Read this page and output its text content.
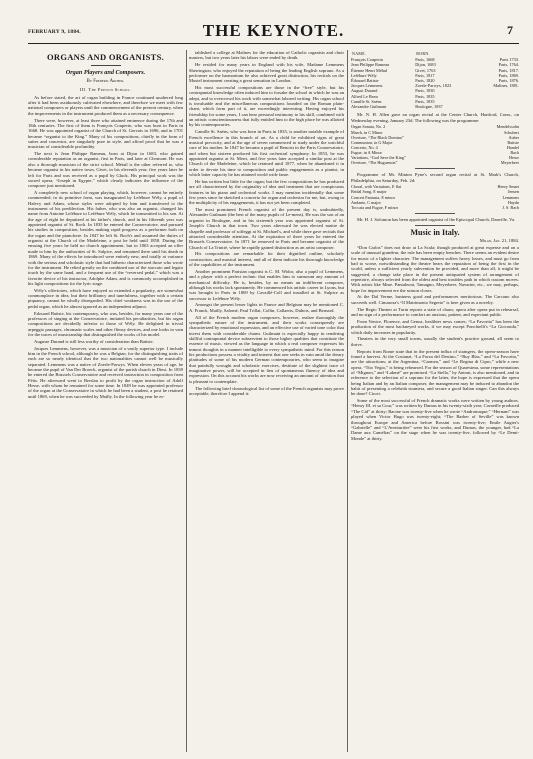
FEBRUARY 9, 1884.	THE KEYNOTE.	7
ORGANS AND ORGANISTS.
Organ Players and Composers.
By Frederic Archer.
III. The French School.

As before stated, the art of organ building in France continued unaltered long after it had been assiduously cultivated elsewhere, and therefore we meet with few national composers or players until the commencement of the present century, when the improvements in the instrument produced them as a necessary consequence.

There were, however, at least three who attained eminence during the 17th and 18th centuries. The first of them is François Couperin, who was born in Paris in 1668. He was appointed organist of the Church of St. Gervais in 1696, and in 1701 became “organist to the King.” Many of his compositions, chiefly in the form of suites and concertos, are singularly pure in style, and afford proof that he was a musician of considerable profundity.

The next is Jean Philippe Rameau, born at Dijon in 1683, who gained considerable reputation as an organist, first in Paris, and later at Clermont. He was also a thorough musician of the strict school. Métail is the other referred to, who became organist in his native town, Givet, in his eleventh year; five years later he left for Paris and was received as a pupil by Gluck. His principal work was the sacred opera, “Joseph in Egypte,” which clearly indicates the influence of the composer just mentioned.

A completely new school of organ playing, which, however, cannot be entirely commended, in its primitive form, was inaugurated by Lefébure Wély, a pupil of Halevy and Adam, whose styles were adopted by him and transferred to the instrument of his predilection. His father, who was also an organist, changed his name from Antoine Lefébure to Lefébure Wély, which he transmitted to his son. At the age of eight he deputized at his father's church, and in his fifteenth year was appointed organist of St. Roch. In 1835 he entered the Conservatoire, and pursued his studies in composition, besides making rapid progress as a performer both on the organ and the pianoforte. In 1847 he left St. Roch's and assumed the duties of organist at the Church of the Madeleine, a post he held until 1858. During the ensuing five years he held no church appointment, but in 1863 accepted an offer made to him by the authorities of St. Sulpice, and remained there until his death in 1869. Many of the effects he introduced were entirely new, and totally at variance with the serious and scholastic style that had hitherto characterized those who wrote for the instrument. He relied greatly on the combined use of the staccato and legato touch by the same hand, and a frequent use of the “reversed pedal,” which was a favorite device of his instructor, Adolphe Adam, and is commonly accomplished in his light compositions for the lyric stage.

Wély's offertoires, which have enjoyed so extended a popularity, are somewhat commonplace in idea, but their brilliancy and tunefulness, together with a certain piquancy, cannot be wholly disregarded. His chief weakness was in the use of the pedal organ, which he almost ignored as an independent adjunct.

Edouard Batiste, his contemporary, who was, besides, for many years one of the professors of singing at the Conservatoire, imitated his peculiarities, but his organ compositions are decidedly inferior to those of Wély. He delighted in trivial arpeggio passages, chromatic scales and other flimsy devices, and one looks in vain for the traces of musicianship that distinguished the works of his model.

Auguste Durand is still less worthy of consideration than Batiste.

Jacques Lemmens, however, was a musician of a vastly superior type. I include him in the French school, although he was a Belgian, for the distinguishing traits of each are so nearly identical that the two nationalities cannot well be musically separated. Lemmens was a native of Zoerle-Parwys. When eleven years of age, he became the pupil of Van Der Broeck, organist of the parish church in Diest. In 1839 he entered the Brussels Conservatoire and received instruction in composition from Fétis. He afterward went to Breslau to profit by the organ instruction of Adolf Hesse, with whom he remained for some time. In 1849 he was appointed professor of the organ at the Conservatoire in which he had been a student, a post he retained until 1869, when he was succeeded by Mailly. In the following year he es-

tablished a college at Malines for the education of Catholic organists and choir masters, but two years later his labors were ended by death.

He resided for many years in England with his wife, Madame Lemmens Sherrington, who enjoyed the reputation of being the leading English soprano. As a performer on the harmonium he also achieved great distinction, his recitals on the Mustel instrument creating a great sensation in London.

His most successful compositions are those in the “free” style, but his contrapuntal knowledge often induced him to forsake the school in which he was an adept, and to overcrowd his work with somewhat labored writing. His organ school is invaluable and the miscellaneous compositions founded on the Roman plain-chant, which form part of it, are exceedingly interesting. Having enjoyed his friendship for some years, I can bear personal testimony to his skill, combined with an artistic conscientiousness that fully entitled him to the high place he was allotted by his contemporaries.

Camille St. Saëns, who was born in Paris in 1835, is another notable example of French excellence in this branch of art. As a child he exhibited signs of great musical precocity, and at the age of seven commenced to study under the watchful care of his mother. In 1847 he became a pupil of Benoist in the Paris Conservatoire, and when but sixteen produced his first orchestral symphony. In 1853, he was appointed organist at St. Merri, and five years later accepted a similar post at the Church of the Madeleine, which he retained until 1877, when he abandoned it in order to devote his time to composition and public engagements as a pianist, in which latter capacity he has attained world wide fame.

He has written but little for the organ; but the few compositions he has produced are all characterized by the originality of idea and treatment that are conspicuous features in his piano and orchestral works. I may mention incidentally that some few years since he sketched a concerto for organ and orchestra for me, but, owing to the multiplicity of his engagements, it has not yet been completed.

The most prominent French organist of the present day is, undoubtedly, Alexander Guilmant (the best of the many pupils of Le-mens). He was the son of an organist in Boulogne, and in his sixteenth year was appointed organist of St. Joseph's Church in that town. Two years afterward he was elected maitre de chapelle and professor of solfeggi at St. Michael's, and while there gave recitals that attracted considerable attention. At the expiration of three years he entered the Brussels Conservatoire. In 1871 he removed to Paris and became organist of the Church of La Trinité, where he rapidly gained distinction as an artist composer.

His compositions are remarkable for their dignified outline, scholarly construction, and musical interest, and all of them indicate his thorough knowledge of the capabilities of the instrument.

Another prominent Parisian organist is C. M. Widor, also a pupil of Lemmens, and a player with a perfect technic that enables him to surmount any amount of mechanical difficulty. He is, besides, by no means an indifferent composer, although his works lack spontaneity. He commenced his artistic career in Lyons, but was brought to Paris in 1869 by Cavaillé-Coll and installed at St. Sulpice as successor to Lefébure Wély.

Amongst the present lesser lights in France and Belgium may be mentioned C. A. Franck, Mailly, Salomé, Paul Trillat, Collin, Callaerts, Dubois, and Bernard.

All of the French modern organ composers, however, realize thoroughly the sympathetic nature of the instrument, and their works consequently are characterized by emotional expression, and an effective use of varied tone color that invest them with considerable charm. Guilmant is especially happy in rendering skillful contrapuntal device subservient to those higher qualities that constitute the essence of music, viewed as the language in which a real composer expresses his inmost thoughts in a manner intelligible to every sympathetic mind. For this reason his productions possess a vitality and interest that one seeks in vain amid the dreary platitudes of some of his modern German contemporaries, who seem to imagine that painfully wrought and scholastic exercises, destitute of the slightest trace of imaginative power, will be accepted in lieu of spontaneous fluency of idea and expression. On this account his works are now receiving an amount of attention that is pleasant to contemplate.

The following brief chronological list of some of the French organists may prove acceptable, therefore I append it:

NAME.	BORN.	
François Couperin	Paris, 1668	Paris 1733.
Jean Philippe Rameau	Dijon, 1683	Paris, 1764.
Étienne Henri Méhul	Givet, 1763	Paris, 1817.
Lefébure Wély	Paris, 1817	Paris, 1869.
Édouard Batiste	Paris, 1820	Paris, 1876.
Jacques Lemmens	Zoerle-Parwys, 1823	Malines, 1881.
August Durand	Paris, 1830	
Alfred Le Beau	Paris, 1835	
Camille St. Saëns	Paris, 1835	
Alexandre Guilmant	Boulogne, 1837	

Mr. N. H. Allen gave an organ recital at the Center Church, Hartford, Conn., on Wednesday evening, January 23d. The following was the programme:

Organ Sonata, No. 2	Mendelssohn
March, in C Minor	Schubert
Overture, “The Black Domino”	Auber
Communion, in G Major	Batiste
Concerto, No. 4	Handel
Fugue, in A Minor	Bach
Variations, “God Save the King”	Hesse
Overture, “The Huguenots”	Meyerbeer

Programme of Mr. Minton Pyne's second organ recital at St. Mark's Church, Philadelphia, on Saturday, Feb. 2d:

Choral, with Variations, E flat	Henry Smart
Bridal Song, E major	Jensen
Concert Fantasia, E minor	Lemmens
Andante, C major	Haydn
Toccata and Fugue, F minor	J. S. Bach

Mr. H. J. Solomon has been appointed organist of the Episcopal Church, Danville, Va.

Music in Italy.
Milan, Jan. 21, 1884.

“Don Carlos” does not draw at La Scala; though produced at great expense and on a scale of unusual grandeur, the rule has been empty benches. There seems an evident desire for music of a lighter character. The management suffers heavy losses, and must go from bad to worse, notwithstanding the theatre bears the reputation of being the first in the world, unless a sufficient yearly subvention be provided, and more than all, it might be suggested, a change take place in the present antiquated system of arrangement of repertoire, always selected from the oldest and best troubles path in which custom moves. With artists like Mme. Pantaleoni, Tamagno, Meyerbeer, Navarini, etc., we may, perhaps, hope for improvement ere the season closes.

At the Dal Verme, business good and performances meritorious. The Carcano also succeeds well. Cimarosa's “Il Matrimonio Segreto” is here given as a novelty.

The Regio Theater at Turin reports a state of chaos; opera after opera put in rehearsal, and no sign of a performance to comfort an anxious, patient, and expectant public.

From Venice, Florence, and Genoa, healthier news comes; “La Favorita” has been the production of the most hackneyed works, if we may except Ponchielli's “La Gioconda,” which daily increases in popularity.

Theaters in the very small towns, usually the student's practice ground, all seem to thrive.

Reports from Rome state that in the present influx of strangers, the opera-season have found a harvest. At the Costanzi, “La Forza del Destino,” “Ruy Blas,” and “La Favorita,” are the attractions; at the Argentina, “Carmen,” and “Le Regina di Cipro,” while a new opera, “Tito Vegio,” is being rehearsed. For the season of Quaresima, some representations of “Mignon,” and “Lakmé” are promised. “La Stella,” by Antoni, is also mentioned, and in reference to the selection of a soprano for the latter, the hope is expressed that the opera being Italian and by an Italian composer, the management may be induced to abandon the habit of presenting a celebrità straniera, and secure a good Italian singer. Can this always be done? Circei.

Some of the most successful of French dramatic works were written by young authors. “Henry III. et sa Cour,” was written by Dumas in his twenty-sixth year; Corneille produced “The Cid” at thirty; Racine was twenty-five when he wrote “Andromaque;” “Hernani” was played when Victor Hugo was twenty-eight; “The Barber of Seville” was known throughout Europe and America before Rossini was twenty-five; Emile Augier's “Gabrielle” and “L'Aventurière” were his first works, and Dumas, the younger, had “La Dame aux Camélias” on the stage when he was twenty-five, followed by “Le Demi-Monde” at thirty.
